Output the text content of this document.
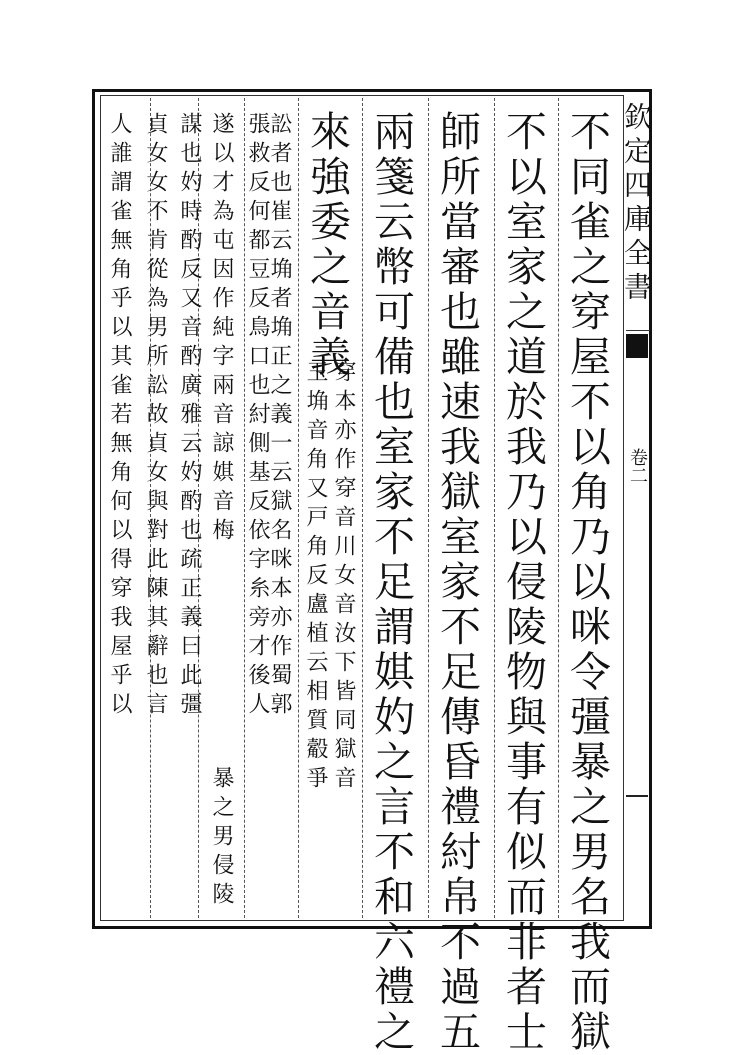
欽定四庫全書
卷二
不同雀之穿屋不以角乃以咪令彊暴之男名我而獄
不以室家之道於我乃以侵陵物與事有似而非者士
師所當審也雖速我獄室家不足傳昏禮紂帛不過五
兩箋云幣可備也室家不足謂娸妁之言不和六禮之
來強委之音義
穿本亦作穿音川女音汝下皆同獄音
玉埆音角又戸角反盧植云相質觳爭
訟者也崔云埆者埆正之義一云獄名咪本亦作蜀郭
張救反何都豆反鳥口也紂側基反依字糸旁才後人
遂以才為屯因作純字兩音諒娸音梅
謀也妁時酌反又音酌廣雅云妁酌也疏正義曰此彊
暴之男侵陵
貞女女不肯從為男所訟故貞女與對此陳其辭也言
人誰謂雀無角乎以其雀若無角何以得穿我屋乎以
